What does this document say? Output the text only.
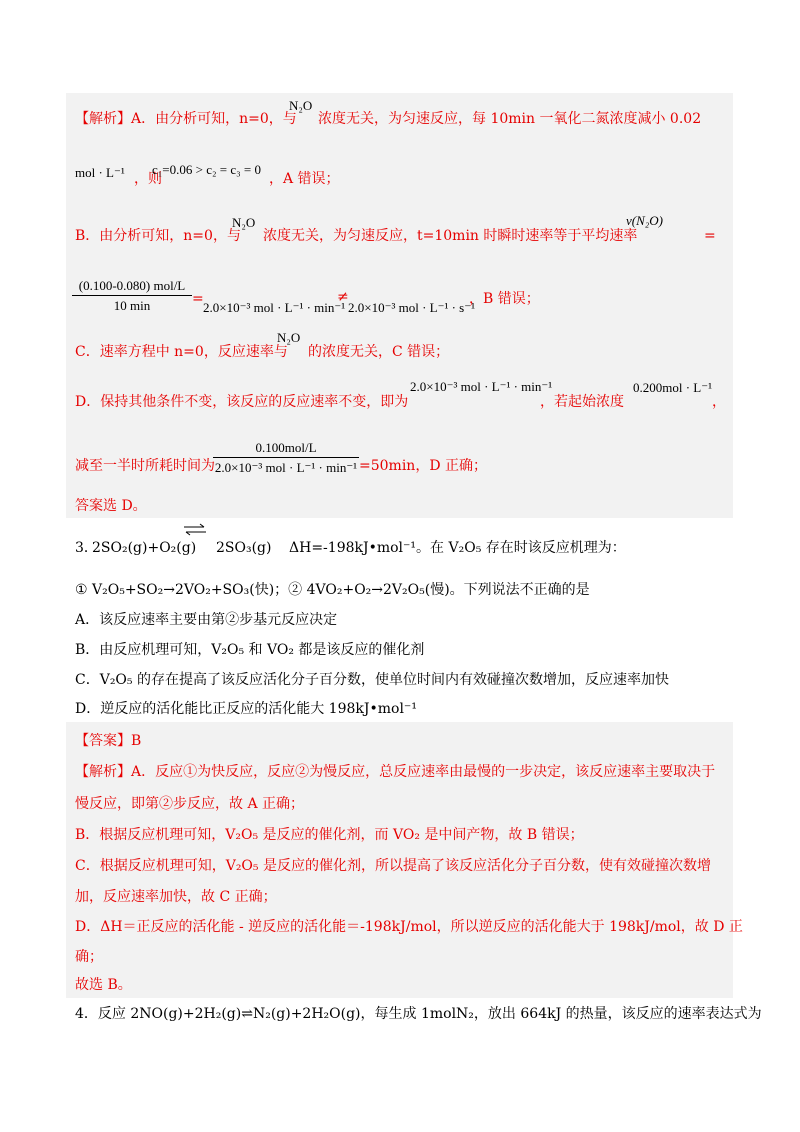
【解析】A．由分析可知，n=0，与
N₂O
浓度无关，为匀速反应，每 10min 一氧化二氮浓度减小 0.02
mol · L⁻¹ ，则
c₁=0.06 > c₂ = c₃ = 0
，A 错误；
B．由分析可知，n=0，与
N₂O
浓度无关，为匀速反应，t=10min 时瞬时速率等于平均速率
v(N₂O)
=
(0.100-0.080) mol/L
10 min	=
2.0×10⁻³ mol · L⁻¹ · min⁻¹
≠
2.0×10⁻³ mol · L⁻¹ · s⁻¹
，B 错误；
C．速率方程中 n=0，反应速率与
N₂O
的浓度无关，C 错误；
D．保持其他条件不变，该反应的反应速率不变，即为
2.0×10⁻³ mol · L⁻¹ · min⁻¹
，若起始浓度
0.200mol · L⁻¹
，
减至一半时所耗时间为
0.100mol/L
2.0×10⁻³ mol · L⁻¹ · min⁻¹ =50min，D 正确；
答案选 D。
3．
2SO₂(g)+O₂(g) 2SO₃(g) ΔH=-198kJ•mol⁻¹。在 V₂O₅ 存在时该反应机理为：
① V₂O₅+SO₂→2VO₂+SO₃(快)；② 4VO₂+O₂→2V₂O₅(慢)。下列说法不正确的是
A．该反应速率主要由第②步基元反应决定
B．由反应机理可知，V₂O₅ 和 VO₂ 都是该反应的催化剂
C．V₂O₅ 的存在提高了该反应活化分子百分数，使单位时间内有效碰撞次数增加，反应速率加快
D．逆反应的活化能比正反应的活化能大 198kJ•mol⁻¹
【答案】B
【解析】A．反应①为快反应，反应②为慢反应，总反应速率由最慢的一步决定，该反应速率主要取决于
慢反应，即第②步反应，故 A 正确；
B．根据反应机理可知，V₂O₅ 是反应的催化剂，而 VO₂ 是中间产物，故 B 错误；
C．根据反应机理可知，V₂O₅ 是反应的催化剂，所以提高了该反应活化分子百分数，使有效碰撞次数增
加，反应速率加快，故 C 正确；
D．ΔH＝正反应的活化能 - 逆反应的活化能＝-198kJ/mol，所以逆反应的活化能大于 198kJ/mol，故 D 正
确；
故选 B。
4．反应 2NO(g)+2H₂(g)⇌N₂(g)+2H₂O(g)，每生成 1molN₂，放出 664kJ 的热量，该反应的速率表达式为
